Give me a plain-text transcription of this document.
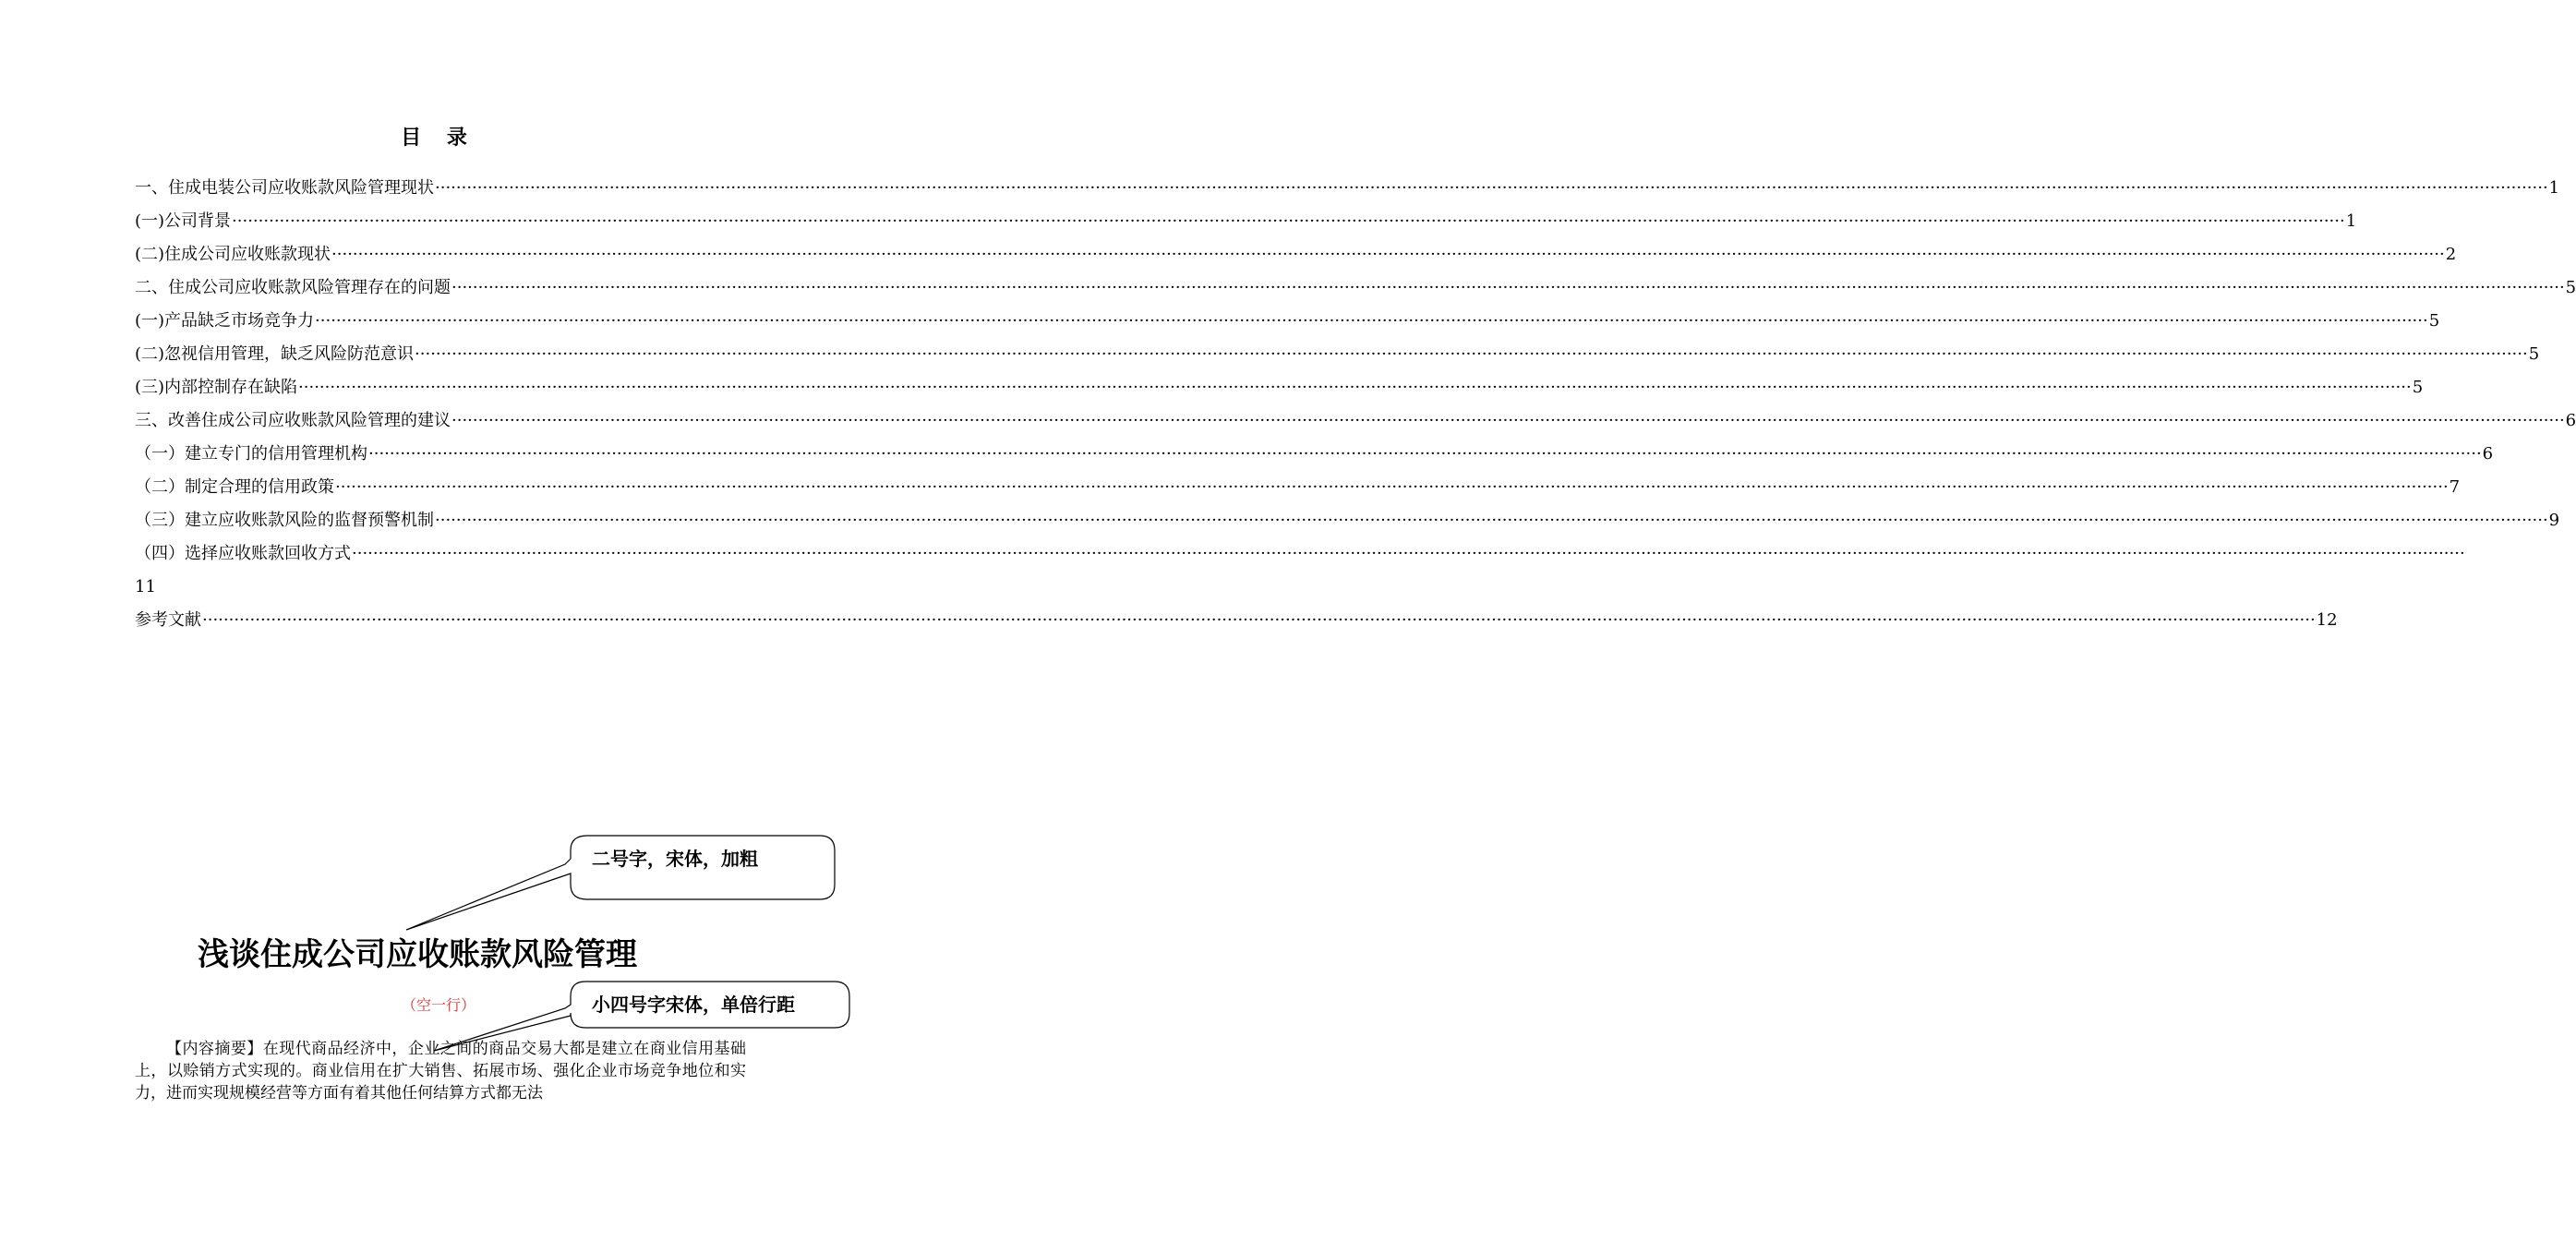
目 录
一、住成电装公司应收账款风险管理现状 ················································································································································································································································································································································································································ 1
(一)公司背景 ················································································································································································································································································································································································································ 1
(二)住成公司应收账款现状 ················································································································································································································································································································································································································ 2
二、住成公司应收账款风险管理存在的问题 ················································································································································································································································································································································································································ 5
(一)产品缺乏市场竞争力 ················································································································································································································································································································································································································ 5
(二)忽视信用管理，缺乏风险防范意识 ················································································································································································································································································································································································································ 5
(三)内部控制存在缺陷 ················································································································································································································································································································································································································ 5
三、改善住成公司应收账款风险管理的建议 ················································································································································································································································································································································································································ 6
（一）建立专门的信用管理机构 ················································································································································································································································································································································································································ 6
（二）制定合理的信用政策 ················································································································································································································································································································································································································ 7
（三）建立应收账款风险的监督预警机制 ················································································································································································································································································································································································································ 9
（四）选择应收账款回收方式 ················································································································································································································································································································································································································
参考文献 ················································································································································································································································································································································································································ 12
11
二号字，宋体，加粗
小四号字宋体，单倍行距
浅谈住成公司应收账款风险管理
（空一行）
【内容摘要】在现代商品经济中，企业之间的商品交易大都是建立在商业信用基础上，以赊销方式实现的。商业信用在扩大销售、拓展市场、强化企业市场竞争地位和实力，进而实现规模经营等方面有着其他任何结算方式都无法
